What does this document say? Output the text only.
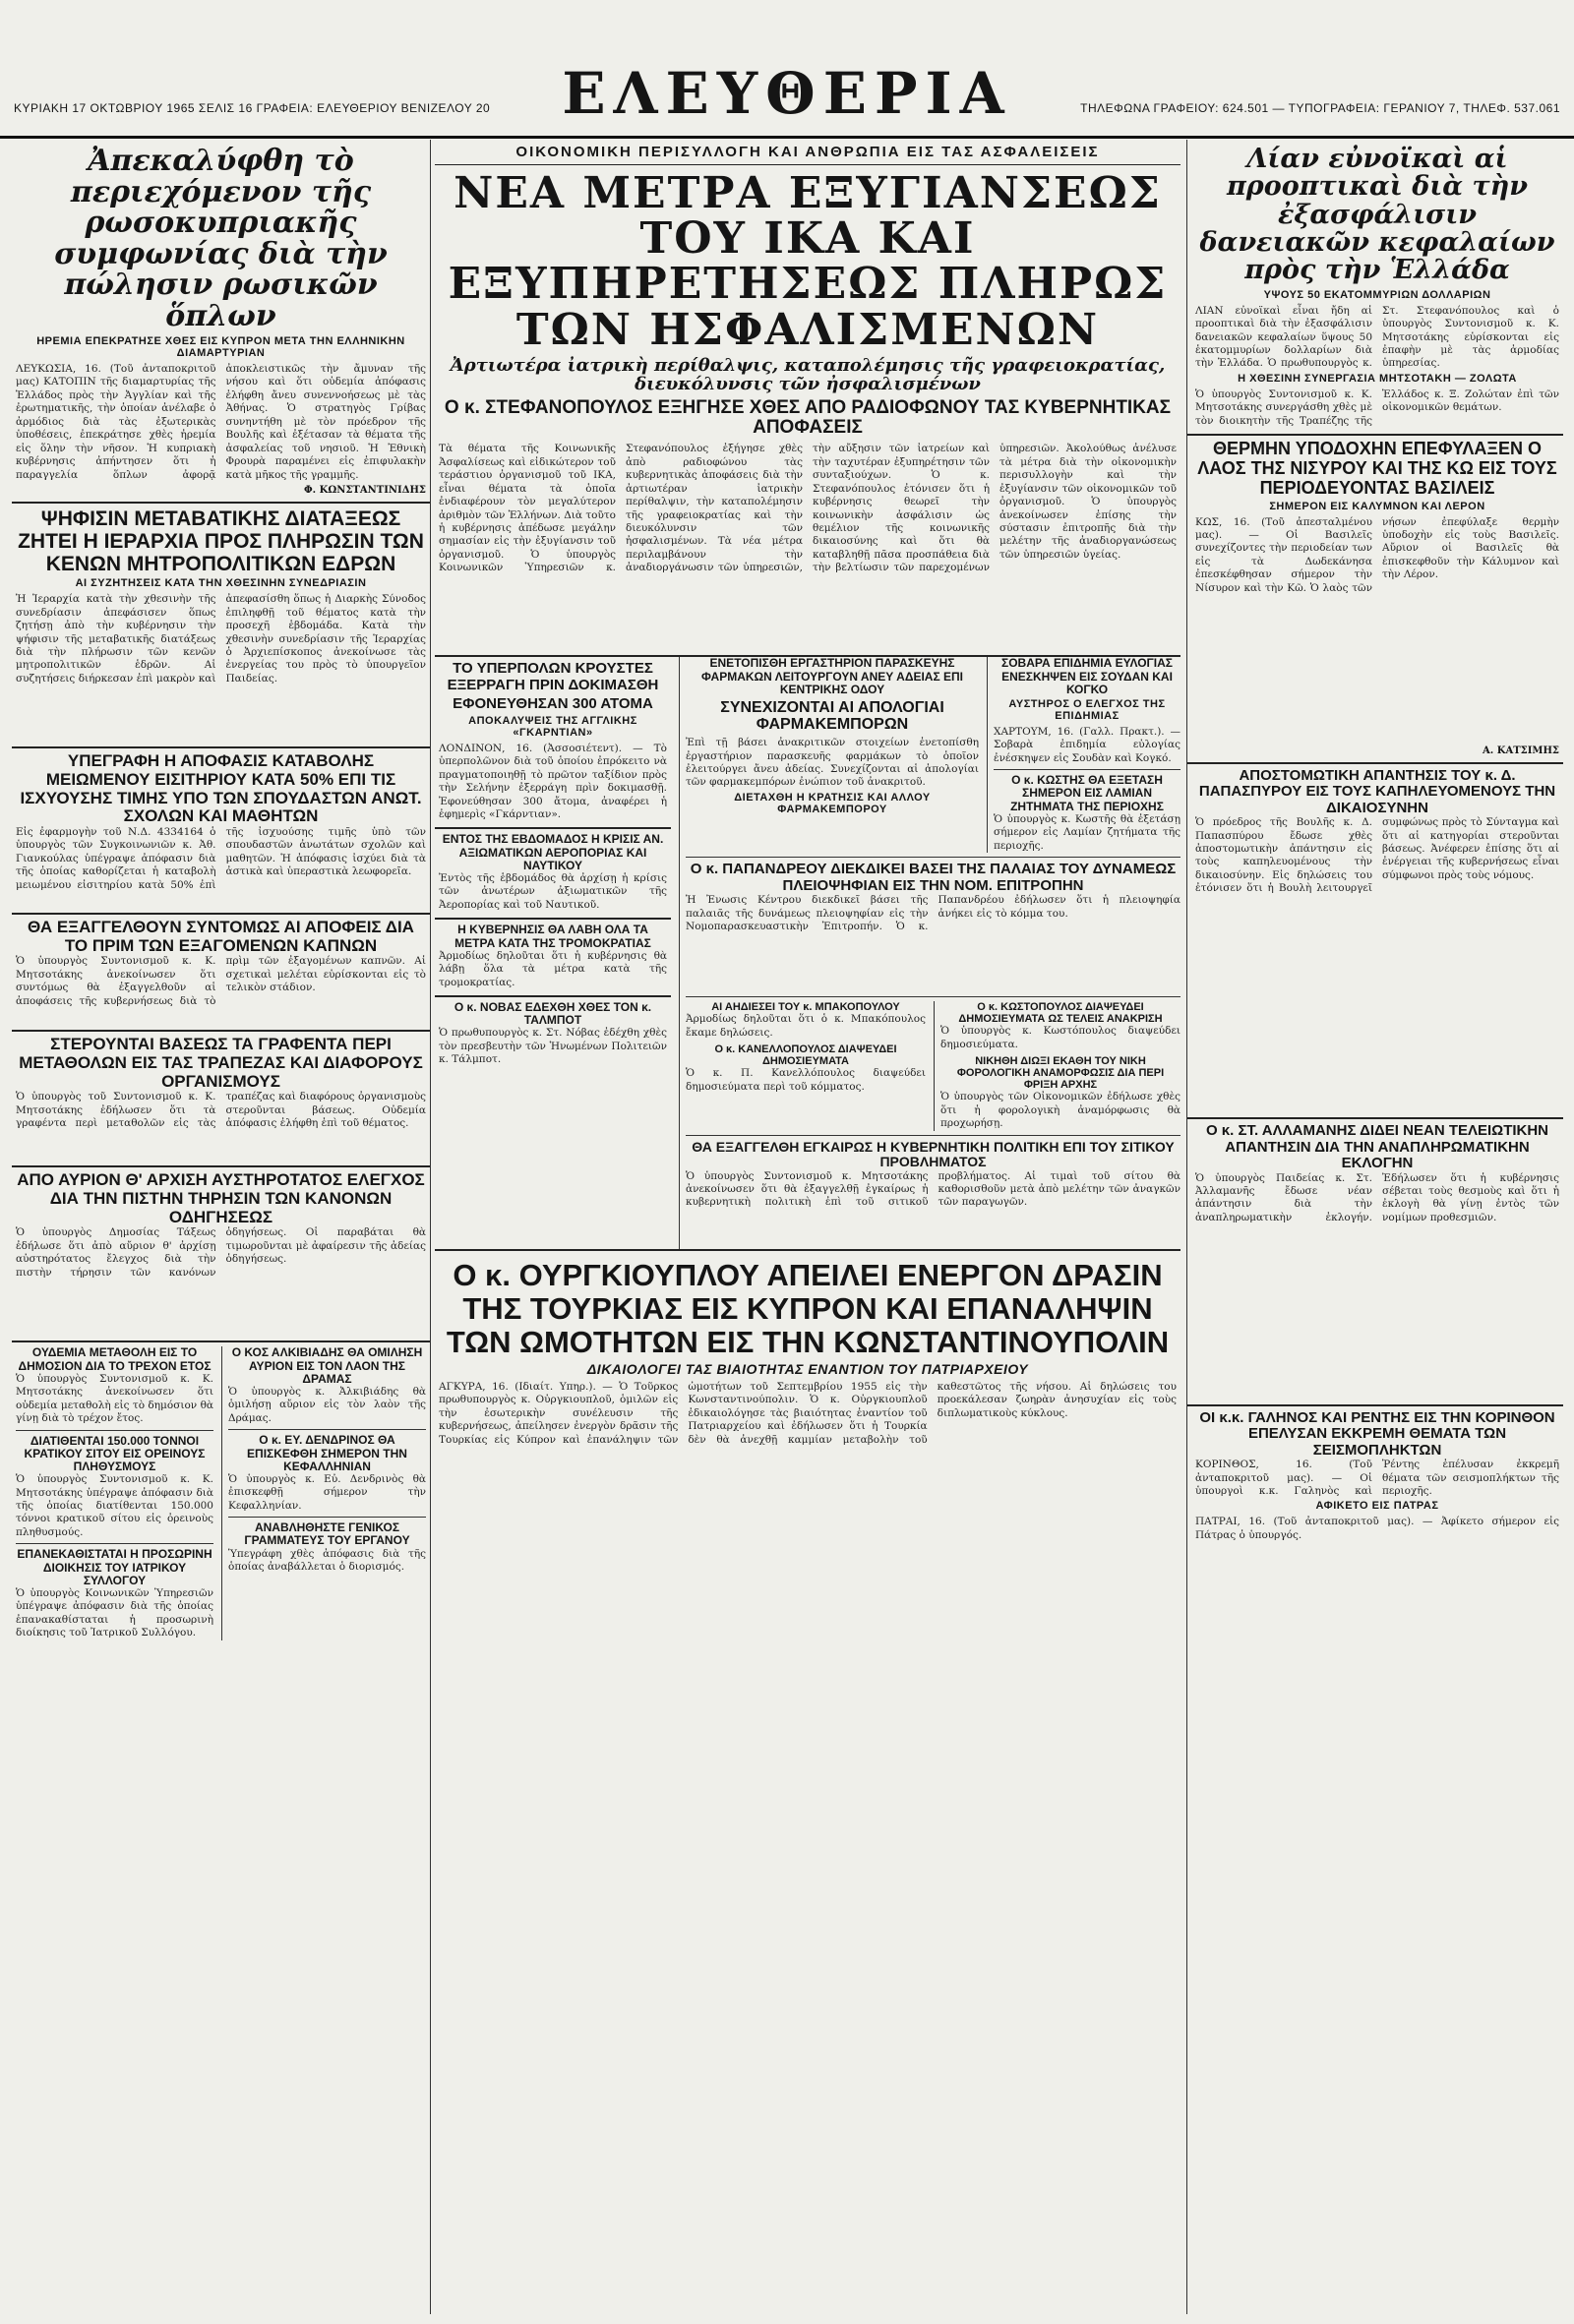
ΚΥΡΙΑΚΗ 17 ΟΚΤΩΒΡΙΟΥ 1965 ΣΕΛΙΣ 16 ΓΡΑΦΕΙΑ: ΕΛΕΥΘΕΡΙΟΥ ΒΕΝΙΖΕΛΟΥ 20	ΕΛΕΥΘΕΡΙΑ	ΤΗΛΕΦΩΝΑ ΓΡΑΦΕΙΟΥ: 624.501 — ΤΥΠΟΓΡΑΦΕΙΑ: ΓΕΡΑΝΙΟΥ 7, ΤΗΛΕΦ. 537.061
Ἀπεκαλύφθη τὸ περιεχόμενον τῆς ρωσοκυπριακῆς συμφωνίας διὰ τὴν πώλησιν ρωσικῶν ὅπλων
ΗΡΕΜΙΑ ΕΠΕΚΡΑΤΗΣΕ ΧΘΕΣ ΕΙΣ ΚΥΠΡΟΝ ΜΕΤΑ ΤΗΝ ΕΛΛΗΝΙΚΗΝ ΔΙΑΜΑΡΤΥΡΙΑΝ
ΛΕΥΚΩΣΙΑ, 16. (Τοῦ ἀνταποκριτοῦ μας) ΚΑΤΟΠΙΝ τῆς διαμαρτυρίας τῆς Ἑλλάδος πρὸς τὴν Ἀγγλίαν καὶ τῆς ἐρωτηματικῆς, τὴν ὁποίαν ἀνέλαβε ὁ ἀρμόδιος διὰ τὰς ἐξωτερικὰς ὑποθέσεις, ἐπεκράτησε χθὲς ἠρεμία εἰς ὅλην τὴν νῆσον. Ἡ κυπριακὴ κυβέρνησις ἀπήντησεν ὅτι ἡ παραγγελία ὅπλων ἀφορᾷ ἀποκλειστικῶς τὴν ἄμυναν τῆς νήσου καὶ ὅτι οὐδεμία ἀπόφασις ἐλήφθη ἄνευ συνεννοήσεως μὲ τὰς Ἀθήνας. Ὁ στρατηγὸς Γρίβας συνηντήθη μὲ τὸν πρόεδρον τῆς Βουλῆς καὶ ἐξέτασαν τὰ θέματα τῆς ἀσφαλείας τοῦ νησιοῦ. Ἡ Ἐθνικὴ Φρουρὰ παραμένει εἰς ἐπιφυλακὴν κατὰ μῆκος τῆς γραμμῆς.
Φ. ΚΩΝΣΤΑΝΤΙΝΙΔΗΣ
ΨΗΦΙΣΙΝ ΜΕΤΑΒΑΤΙΚΗΣ ΔΙΑΤΑΞΕΩΣ ΖΗΤΕΙ Η ΙΕΡΑΡΧΙΑ ΠΡΟΣ ΠΛΗΡΩΣΙΝ ΤΩΝ ΚΕΝΩΝ ΜΗΤΡΟΠΟΛΙΤΙΚΩΝ ΕΔΡΩΝ
ΑΙ ΣΥΖΗΤΗΣΕΙΣ ΚΑΤΑ ΤΗΝ ΧΘΕΣΙΝΗΝ ΣΥΝΕΔΡΙΑΣΙΝ
Ἡ Ἱεραρχία κατὰ τὴν χθεσινὴν τῆς συνεδρίασιν ἀπεφάσισεν ὅπως ζητήσῃ ἀπὸ τὴν κυβέρνησιν τὴν ψήφισιν τῆς μεταβατικῆς διατάξεως διὰ τὴν πλήρωσιν τῶν κενῶν μητροπολιτικῶν ἑδρῶν. Αἱ συζητήσεις διήρκεσαν ἐπὶ μακρὸν καὶ ἀπεφασίσθη ὅπως ἡ Διαρκὴς Σύνοδος ἐπιληφθῇ τοῦ θέματος κατὰ τὴν προσεχῆ ἑβδομάδα. Κατὰ τὴν χθεσινὴν συνεδρίασιν τῆς Ἱεραρχίας ὁ Ἀρχιεπίσκοπος ἀνεκοίνωσε τὰς ἐνεργείας του πρὸς τὸ ὑπουργεῖον Παιδείας.
ΥΠΕΓΡΑΦΗ Η ΑΠΟΦΑΣΙΣ ΚΑΤΑΒΟΛΗΣ ΜΕΙΩΜΕΝΟΥ ΕΙΣΙΤΗΡΙΟΥ ΚΑΤΑ 50% ΕΠΙ ΤΙΣ ΙΣΧΥΟΥΣΗΣ ΤΙΜΗΣ ΥΠΟ ΤΩΝ ΣΠΟΥΔΑΣΤΩΝ ΑΝΩΤ. ΣΧΟΛΩΝ ΚΑΙ ΜΑΘΗΤΩΝ
Εἰς ἐφαρμογὴν τοῦ Ν.Δ. 4334164 ὁ ὑπουργὸς τῶν Συγκοινωνιῶν κ. Ἀθ. Γιανκούλας ὑπέγραψε ἀπόφασιν διὰ τῆς ὁποίας καθορίζεται ἡ καταβολὴ μειωμένου εἰσιτηρίου κατὰ 50% ἐπὶ τῆς ἰσχυούσης τιμῆς ὑπὸ τῶν σπουδαστῶν ἀνωτάτων σχολῶν καὶ μαθητῶν. Ἡ ἀπόφασις ἰσχύει διὰ τὰ ἀστικὰ καὶ ὑπεραστικὰ λεωφορεῖα.
ΘΑ ΕΞΑΓΓΕΛΘΟΥΝ ΣΥΝΤΟΜΩΣ ΑΙ ΑΠΟΦΕΙΣ ΔΙΑ ΤΟ ΠΡΙΜ ΤΩΝ ΕΞΑΓΟΜΕΝΩΝ ΚΑΠΝΩΝ
Ὁ ὑπουργὸς Συντονισμοῦ κ. Κ. Μητσοτάκης ἀνεκοίνωσεν ὅτι συντόμως θὰ ἐξαγγελθοῦν αἱ ἀποφάσεις τῆς κυβερνήσεως διὰ τὸ πρὶμ τῶν ἐξαγομένων καπνῶν. Αἱ σχετικαὶ μελέται εὑρίσκονται εἰς τὸ τελικὸν στάδιον.
ΣΤΕΡΟΥΝΤΑΙ ΒΑΣΕΩΣ ΤΑ ΓΡΑΦΕΝΤΑ ΠΕΡΙ ΜΕΤΑΘΟΛΩΝ ΕΙΣ ΤΑΣ ΤΡΑΠΕΖΑΣ ΚΑΙ ΔΙΑΦΟΡΟΥΣ ΟΡΓΑΝΙΣΜΟΥΣ
Ὁ ὑπουργὸς τοῦ Συντονισμοῦ κ. Κ. Μητσοτάκης ἐδήλωσεν ὅτι τὰ γραφέντα περὶ μεταθολῶν εἰς τὰς τραπέζας καὶ διαφόρους ὀργανισμοὺς στεροῦνται βάσεως. Οὐδεμία ἀπόφασις ἐλήφθη ἐπὶ τοῦ θέματος.
ΑΠΟ ΑΥΡΙΟΝ Θ' ΑΡΧΙΣΗ ΑΥΣΤΗΡΟΤΑΤΟΣ ΕΛΕΓΧΟΣ ΔΙΑ ΤΗΝ ΠΙΣΤΗΝ ΤΗΡΗΣΙΝ ΤΩΝ ΚΑΝΟΝΩΝ ΟΔΗΓΗΣΕΩΣ
Ὁ ὑπουργὸς Δημοσίας Τάξεως ἐδήλωσε ὅτι ἀπὸ αὔριον θ' ἀρχίσῃ αὐστηρότατος ἔλεγχος διὰ τὴν πιστὴν τήρησιν τῶν κανόνων ὁδηγήσεως. Οἱ παραβάται θὰ τιμωροῦνται μὲ ἀφαίρεσιν τῆς ἀδείας ὁδηγήσεως.
ΟΥΔΕΜΙΑ ΜΕΤΑΘΟΛΗ ΕΙΣ ΤΟ ΔΗΜΟΣΙΟΝ ΔΙΑ ΤΟ ΤΡΕΧΟΝ ΕΤΟΣ
Ὁ ὑπουργὸς Συντονισμοῦ κ. Κ. Μητσοτάκης ἀνεκοίνωσεν ὅτι οὐδεμία μεταθολὴ εἰς τὸ δημόσιον θὰ γίνῃ διὰ τὸ τρέχον ἔτος.
ΔΙΑΤΙΘΕΝΤΑΙ 150.000 ΤΟΝΝΟΙ ΚΡΑΤΙΚΟΥ ΣΙΤΟΥ ΕΙΣ ΟΡΕΙΝΟΥΣ ΠΛΗΘΥΣΜΟΥΣ
Ὁ ὑπουργὸς Συντονισμοῦ κ. Κ. Μητσοτάκης ὑπέγραψε ἀπόφασιν διὰ τῆς ὁποίας διατίθενται 150.000 τόννοι κρατικοῦ σίτου εἰς ὀρεινοὺς πληθυσμούς.
ΕΠΑΝΕΚΑΘΙΣΤΑΤΑΙ Η ΠΡΟΣΩΡΙΝΗ ΔΙΟΙΚΗΣΙΣ ΤΟΥ ΙΑΤΡΙΚΟΥ ΣΥΛΛΟΓΟΥ
Ὁ ὑπουργὸς Κοινωνικῶν Ὑπηρεσιῶν ὑπέγραψε ἀπόφασιν διὰ τῆς ὁποίας ἐπανακαθίσταται ἡ προσωρινὴ διοίκησις τοῦ Ἰατρικοῦ Συλλόγου.
Ο ΚΟΣ ΑΛΚΙΒΙΑΔΗΣ ΘΑ ΟΜΙΛΗΣΗ ΑΥΡΙΟΝ ΕΙΣ ΤΟΝ ΛΑΟΝ ΤΗΣ ΔΡΑΜΑΣ
Ὁ ὑπουργὸς κ. Ἀλκιβιάδης θὰ ὁμιλήσῃ αὔριον εἰς τὸν λαὸν τῆς Δράμας.
Ο κ. ΕΥ. ΔΕΝΔΡΙΝΟΣ ΘΑ ΕΠΙΣΚΕΦΘΗ ΣΗΜΕΡΟΝ ΤΗΝ ΚΕΦΑΛΛΗΝΙΑΝ
Ὁ ὑπουργὸς κ. Εὐ. Δενδρινὸς θὰ ἐπισκεφθῇ σήμερον τὴν Κεφαλληνίαν.
ΑΝΑΒΛΗΘΗΣΤΕ ΓΕΝΙΚΟΣ ΓΡΑΜΜΑΤΕΥΣ ΤΟΥ ΕΡΓΑΝΟΥ
Ὑπεγράφη χθὲς ἀπόφασις διὰ τῆς ὁποίας ἀναβάλλεται ὁ διορισμός.
ΟΙΚΟΝΟΜΙΚΗ ΠΕΡΙΣΥΛΛΟΓΗ ΚΑΙ ΑΝΘΡΩΠΙΑ ΕΙΣ ΤΑΣ ΑΣΦΑΛΕΙΣΕΙΣ
ΝΕΑ ΜΕΤΡΑ ΕΞΥΓΙΑΝΣΕΩΣ ΤΟΥ ΙΚΑ ΚΑΙ ΕΞΥΠΗΡΕΤΗΣΕΩΣ ΠΛΗΡΩΣ ΤΩΝ ΗΣΦΑΛΙΣΜΕΝΩΝ
Ἀρτιωτέρα ἰατρικὴ περίθαλψις, καταπολέμησις τῆς γραφειοκρατίας, διευκόλυνσις τῶν ἠσφαλισμένων
Ο κ. ΣΤΕΦΑΝΟΠΟΥΛΟΣ ΕΞΗΓΗΣΕ ΧΘΕΣ ΑΠΟ ΡΑΔΙΟΦΩΝΟΥ ΤΑΣ ΚΥΒΕΡΝΗΤΙΚΑΣ ΑΠΟΦΑΣΕΙΣ
Τὰ θέματα τῆς Κοινωνικῆς Ἀσφαλίσεως καὶ εἰδικώτερον τοῦ τεράστιου ὀργανισμοῦ τοῦ ΙΚΑ, εἶναι θέματα τὰ ὁποῖα ἐνδιαφέρουν τὸν μεγαλύτερον ἀριθμὸν τῶν Ἑλλήνων. Διὰ τοῦτο ἡ κυβέρνησις ἀπέδωσε μεγάλην σημασίαν εἰς τὴν ἐξυγίανσιν τοῦ ὀργανισμοῦ. Ὁ ὑπουργὸς Κοινωνικῶν Ὑπηρεσιῶν κ. Στεφανόπουλος ἐξήγησε χθὲς ἀπὸ ραδιοφώνου τὰς κυβερνητικὰς ἀποφάσεις διὰ τὴν ἀρτιωτέραν ἰατρικὴν περίθαλψιν, τὴν καταπολέμησιν τῆς γραφειοκρατίας καὶ τὴν διευκόλυνσιν τῶν ἠσφαλισμένων. Τὰ νέα μέτρα περιλαμβάνουν τὴν ἀναδιοργάνωσιν τῶν ὑπηρεσιῶν, τὴν αὔξησιν τῶν ἰατρείων καὶ τὴν ταχυτέραν ἐξυπηρέτησιν τῶν συνταξιούχων. Ὁ κ. Στεφανόπουλος ἐτόνισεν ὅτι ἡ κυβέρνησις θεωρεῖ τὴν κοινωνικὴν ἀσφάλισιν ὡς θεμέλιον τῆς κοινωνικῆς δικαιοσύνης καὶ ὅτι θὰ καταβληθῇ πᾶσα προσπάθεια διὰ τὴν βελτίωσιν τῶν παρεχομένων ὑπηρεσιῶν. Ἀκολούθως ἀνέλυσε τὰ μέτρα διὰ τὴν οἰκονομικὴν περισυλλογὴν καὶ τὴν ἐξυγίανσιν τῶν οἰκονομικῶν τοῦ ὀργανισμοῦ. Ὁ ὑπουργὸς ἀνεκοίνωσεν ἐπίσης τὴν σύστασιν ἐπιτροπῆς διὰ τὴν μελέτην τῆς ἀναδιοργανώσεως τῶν ὑπηρεσιῶν ὑγείας.
ΤΟ ΥΠΕΡΠΟΛΩΝ ΚΡΟΥΣΤΕΣ ΕΞΕΡΡΑΓΗ ΠΡΙΝ ΔΟΚΙΜΑΣΘΗ
ΕΦΟΝΕΥΘΗΣΑΝ 300 ΑΤΟΜΑ
ΑΠΟΚΑΛΥΨΕΙΣ ΤΗΣ ΑΓΓΛΙΚΗΣ «ΓΚΑΡΝΤΙΑΝ»
ΛΟΝΔΙΝΟΝ, 16. (Ἀσσοσιέτεντ). — Τὸ ὑπερπολῶνον διὰ τοῦ ὁποίου ἐπρόκειτο νὰ πραγματοποιηθῇ τὸ πρῶτον ταξίδιον πρὸς τὴν Σελήνην ἐξερράγη πρὶν δοκιμασθῇ. Ἐφονεύθησαν 300 ἄτομα, ἀναφέρει ἡ ἐφημερὶς «Γκάρντιαν».
ΕΝΤΟΣ ΤΗΣ ΕΒΔΟΜΑΔΟΣ Η ΚΡΙΣΙΣ ΑΝ. ΑΞΙΩΜΑΤΙΚΩΝ ΑΕΡΟΠΟΡΙΑΣ ΚΑΙ ΝΑΥΤΙΚΟΥ
Ἐντὸς τῆς ἑβδομάδος θὰ ἀρχίσῃ ἡ κρίσις τῶν ἀνωτέρων ἀξιωματικῶν τῆς Ἀεροπορίας καὶ τοῦ Ναυτικοῦ.
Η ΚΥΒΕΡΝΗΣΙΣ ΘΑ ΛΑΒΗ ΟΛΑ ΤΑ ΜΕΤΡΑ ΚΑΤΑ ΤΗΣ ΤΡΟΜΟΚΡΑΤΙΑΣ
Ἀρμοδίως δηλοῦται ὅτι ἡ κυβέρνησις θὰ λάβῃ ὅλα τὰ μέτρα κατὰ τῆς τρομοκρατίας.
Ο κ. ΝΟΒΑΣ ΕΔΕΧΘΗ ΧΘΕΣ ΤΟΝ κ. ΤΑΛΜΠΟΤ
Ὁ πρωθυπουργὸς κ. Στ. Νόβας ἐδέχθη χθὲς τὸν πρεσβευτὴν τῶν Ἡνωμένων Πολιτειῶν κ. Τάλμποτ.
ΕΝΕΤΟΠΙΣΘΗ ΕΡΓΑΣΤΗΡΙΟΝ ΠΑΡΑΣΚΕΥΗΣ ΦΑΡΜΑΚΩΝ ΛΕΙΤΟΥΡΓΟΥΝ ΑΝΕΥ ΑΔΕΙΑΣ ΕΠΙ ΚΕΝΤΡΙΚΗΣ ΟΔΟΥ
ΣΥΝΕΧΙΖΟΝΤΑΙ ΑΙ ΑΠΟΛΟΓΙΑΙ ΦΑΡΜΑΚΕΜΠΟΡΩΝ
Ἐπὶ τῇ βάσει ἀνακριτικῶν στοιχείων ἐνετοπίσθη ἐργαστήριον παρασκευῆς φαρμάκων τὸ ὁποῖον ἐλειτούργει ἄνευ ἀδείας. Συνεχίζονται αἱ ἀπολογίαι τῶν φαρμακεμπόρων ἐνώπιον τοῦ ἀνακριτοῦ.
ΔΙΕΤΑΧΘΗ Η ΚΡΑΤΗΣΙΣ ΚΑΙ ΑΛΛΟΥ ΦΑΡΜΑΚΕΜΠΟΡΟΥ
ΣΟΒΑΡΑ ΕΠΙΔΗΜΙΑ ΕΥΛΟΓΙΑΣ ΕΝΕΣΚΗΨΕΝ ΕΙΣ ΣΟΥΔΑΝ ΚΑΙ ΚΟΓΚΟ
ΑΥΣΤΗΡΟΣ Ο ΕΛΕΓΧΟΣ ΤΗΣ ΕΠΙΔΗΜΙΑΣ
ΧΑΡΤΟΥΜ, 16. (Γαλλ. Πρακτ.). — Σοβαρὰ ἐπιδημία εὐλογίας ἐνέσκηψεν εἰς Σουδὰν καὶ Κογκό.
Ο κ. ΚΩΣΤΗΣ ΘΑ ΕΞΕΤΑΣΗ ΣΗΜΕΡΟΝ ΕΙΣ ΛΑΜΙΑΝ ΖΗΤΗΜΑΤΑ ΤΗΣ ΠΕΡΙΟΧΗΣ
Ὁ ὑπουργὸς κ. Κωστῆς θὰ ἐξετάσῃ σήμερον εἰς Λαμίαν ζητήματα τῆς περιοχῆς.
Ο κ. ΠΑΠΑΝΔΡΕΟΥ ΔΙΕΚΔΙΚΕΙ ΒΑΣΕΙ ΤΗΣ ΠΑΛΑΙΑΣ ΤΟΥ ΔΥΝΑΜΕΩΣ ΠΛΕΙΟΨΗΦΙΑΝ ΕΙΣ ΤΗΝ ΝΟΜ. ΕΠΙΤΡΟΠΗΝ
Ἡ Ἐνωσις Κέντρου διεκδικεῖ βάσει τῆς παλαιᾶς τῆς δυνάμεως πλειοψηφίαν εἰς τὴν Νομοπαρασκευαστικὴν Ἐπιτροπήν. Ὁ κ. Παπανδρέου ἐδήλωσεν ὅτι ἡ πλειοψηφία ἀνήκει εἰς τὸ κόμμα του.
ΑΙ ΑΗΔΙΕΣΕΙ ΤΟΥ κ. ΜΠΑΚΟΠΟΥΛΟΥ
Ἀρμοδίως δηλοῦται ὅτι ὁ κ. Μπακόπουλος ἔκαμε δηλώσεις.
Ο κ. ΚΑΝΕΛΛΟΠΟΥΛΟΣ ΔΙΑΨΕΥΔΕΙ ΔΗΜΟΣΙΕΥΜΑΤΑ
Ὁ κ. Π. Κανελλόπουλος διαψεύδει δημοσιεύματα περὶ τοῦ κόμματος.
Ο κ. ΚΩΣΤΟΠΟΥΛΟΣ ΔΙΑΨΕΥΔΕΙ ΔΗΜΟΣΙΕΥΜΑΤΑ ΩΣ ΤΕΛΕΙΣ ΑΝΑΚΡΙΣΗ
Ὁ ὑπουργὸς κ. Κωστόπουλος διαψεύδει δημοσιεύματα.
ΝΙΚΗΘΗ ΔΙΩΞΙ ΕΚΑΘΗ ΤΟΥ ΝΙΚΗ ΦΟΡΟΛΟΓΙΚΗ ΑΝΑΜΟΡΦΩΣΙΣ ΔΙΑ ΠΕΡΙ ΦΡΙΞΗ ΑΡΧΗΣ
Ὁ ὑπουργὸς τῶν Οἰκονομικῶν ἐδήλωσε χθὲς ὅτι ἡ φορολογικὴ ἀναμόρφωσις θὰ προχωρήσῃ.
ΘΑ ΕΞΑΓΓΕΛΘΗ ΕΓΚΑΙΡΩΣ Η ΚΥΒΕΡΝΗΤΙΚΗ ΠΟΛΙΤΙΚΗ ΕΠΙ ΤΟΥ ΣΙΤΙΚΟΥ ΠΡΟΒΛΗΜΑΤΟΣ
Ὁ ὑπουργὸς Συντονισμοῦ κ. Μητσοτάκης ἀνεκοίνωσεν ὅτι θὰ ἐξαγγελθῇ ἐγκαίρως ἡ κυβερνητικὴ πολιτικὴ ἐπὶ τοῦ σιτικοῦ προβλήματος. Αἱ τιμαὶ τοῦ σίτου θὰ καθορισθοῦν μετὰ ἀπὸ μελέτην τῶν ἀναγκῶν τῶν παραγωγῶν.
Ο κ. ΟΥΡΓΚΙΟΥΠΛΟΥ ΑΠΕΙΛΕΙ ΕΝΕΡΓΟΝ ΔΡΑΣΙΝ ΤΗΣ ΤΟΥΡΚΙΑΣ ΕΙΣ ΚΥΠΡΟΝ ΚΑΙ ΕΠΑΝΑΛΗΨΙΝ ΤΩΝ ΩΜΟΤΗΤΩΝ ΕΙΣ ΤΗΝ ΚΩΝΣΤΑΝΤΙΝΟΥΠΟΛΙΝ
ΔΙΚΑΙΟΛΟΓΕΙ ΤΑΣ ΒΙΑΙΟΤΗΤΑΣ ΕΝΑΝΤΙΟΝ ΤΟΥ ΠΑΤΡΙΑΡΧΕΙΟΥ
ΑΓΚΥΡΑ, 16. (Ιδιαίτ. Υπηρ.). — Ὁ Τοῦρκος πρωθυπουργὸς κ. Οὐργκιουπλοῦ, ὁμιλῶν εἰς τὴν ἐσωτερικὴν συνέλευσιν τῆς κυβερνήσεως, ἀπείλησεν ἐνεργὸν δρᾶσιν τῆς Τουρκίας εἰς Κύπρον καὶ ἐπανάληψιν τῶν ὠμοτήτων τοῦ Σεπτεμβρίου 1955 εἰς τὴν Κωνσταντινούπολιν. Ὁ κ. Οὐργκιουπλοῦ ἐδικαιολόγησε τὰς βιαιότητας ἐναντίον τοῦ Πατριαρχείου καὶ ἐδήλωσεν ὅτι ἡ Τουρκία δὲν θὰ ἀνεχθῇ καμμίαν μεταβολὴν τοῦ καθεστῶτος τῆς νήσου. Αἱ δηλώσεις του προεκάλεσαν ζωηρὰν ἀνησυχίαν εἰς τοὺς διπλωματικοὺς κύκλους.
Λίαν εὐνοϊκαὶ αἱ προοπτικαὶ διὰ τὴν ἐξασφάλισιν δανειακῶν κεφαλαίων πρὸς τὴν Ἑλλάδα
ΥΨΟΥΣ 50 ΕΚΑΤΟΜΜΥΡΙΩΝ ΔΟΛΛΑΡΙΩΝ
ΛΙΑΝ εὐνοϊκαὶ εἶναι ἤδη αἱ προοπτικαὶ διὰ τὴν ἐξασφάλισιν δανειακῶν κεφαλαίων ὕψους 50 ἑκατομμυρίων δολλαρίων διὰ τὴν Ἑλλάδα. Ὁ πρωθυπουργὸς κ. Στ. Στεφανόπουλος καὶ ὁ ὑπουργὸς Συντονισμοῦ κ. Κ. Μητσοτάκης εὑρίσκονται εἰς ἐπαφὴν μὲ τὰς ἀρμοδίας ὑπηρεσίας.
Η ΧΘΕΣΙΝΗ ΣΥΝΕΡΓΑΣΙΑ ΜΗΤΣΟΤΑΚΗ — ΖΟΛΩΤΑ
Ὁ ὑπουργὸς Συντονισμοῦ κ. Κ. Μητσοτάκης συνεργάσθη χθὲς μὲ τὸν διοικητὴν τῆς Τραπέζης τῆς Ἑλλάδος κ. Ξ. Ζολώταν ἐπὶ τῶν οἰκονομικῶν θεμάτων.
ΘΕΡΜΗΝ ΥΠΟΔΟΧΗΝ ΕΠΕΦΥΛΑΞΕΝ Ο ΛΑΟΣ ΤΗΣ ΝΙΣΥΡΟΥ ΚΑΙ ΤΗΣ ΚΩ ΕΙΣ ΤΟΥΣ ΠΕΡΙΟΔΕΥΟΝΤΑΣ ΒΑΣΙΛΕΙΣ
ΣΗΜΕΡΟΝ ΕΙΣ ΚΑΛΥΜΝΟΝ ΚΑΙ ΛΕΡΟΝ
ΚΩΣ, 16. (Τοῦ ἀπεσταλμένου μας). — Οἱ Βασιλεῖς συνεχίζοντες τὴν περιοδείαν των εἰς τὰ Δωδεκάνησα ἐπεσκέφθησαν σήμερον τὴν Νίσυρον καὶ τὴν Κῶ. Ὁ λαὸς τῶν νήσων ἐπεφύλαξε θερμὴν ὑποδοχὴν εἰς τοὺς Βασιλεῖς. Αὔριον οἱ Βασιλεῖς θὰ ἐπισκεφθοῦν τὴν Κάλυμνον καὶ τὴν Λέρον.
Α. ΚΑΤΣΙΜΗΣ
ΑΠΟΣΤΟΜΩΤΙΚΗ ΑΠΑΝΤΗΣΙΣ ΤΟΥ κ. Δ. ΠΑΠΑΣΠΥΡΟΥ ΕΙΣ ΤΟΥΣ ΚΑΠΗΛΕΥΟΜΕΝΟΥΣ ΤΗΝ ΔΙΚΑΙΟΣΥΝΗΝ
Ὁ πρόεδρος τῆς Βουλῆς κ. Δ. Παπασπύρου ἔδωσε χθὲς ἀποστομωτικὴν ἀπάντησιν εἰς τοὺς καπηλευομένους τὴν δικαιοσύνην. Εἰς δηλώσεις του ἐτόνισεν ὅτι ἡ Βουλὴ λειτουργεῖ συμφώνως πρὸς τὸ Σύνταγμα καὶ ὅτι αἱ κατηγορίαι στεροῦνται βάσεως. Ἀνέφερεν ἐπίσης ὅτι αἱ ἐνέργειαι τῆς κυβερνήσεως εἶναι σύμφωνοι πρὸς τοὺς νόμους.
Ο κ. ΣΤ. ΑΛΛΑΜΑΝΗΣ ΔΙΔΕΙ ΝΕΑΝ ΤΕΛΕΙΩΤΙΚΗΝ ΑΠΑΝΤΗΣΙΝ ΔΙΑ ΤΗΝ ΑΝΑΠΛΗΡΩΜΑΤΙΚΗΝ ΕΚΛΟΓΗΝ
Ὁ ὑπουργὸς Παιδείας κ. Στ. Ἀλλαμανῆς ἔδωσε νέαν ἀπάντησιν διὰ τὴν ἀναπληρωματικὴν ἐκλογήν. Ἐδήλωσεν ὅτι ἡ κυβέρνησις σέβεται τοὺς θεσμοὺς καὶ ὅτι ἡ ἐκλογὴ θὰ γίνῃ ἐντὸς τῶν νομίμων προθεσμιῶν.
ΟΙ κ.κ. ΓΑΛΗΝΟΣ ΚΑΙ ΡΕΝΤΗΣ ΕΙΣ ΤΗΝ ΚΟΡΙΝΘΟΝ ΕΠΕΛΥΣΑΝ ΕΚΚΡΕΜΗ ΘΕΜΑΤΑ ΤΩΝ ΣΕΙΣΜΟΠΛΗΚΤΩΝ
ΚΟΡΙΝΘΟΣ, 16. (Τοῦ ἀνταποκριτοῦ μας). — Οἱ ὑπουργοὶ κ.κ. Γαληνὸς καὶ Ῥέντης ἐπέλυσαν ἐκκρεμῆ θέματα τῶν σεισμοπλήκτων τῆς περιοχῆς.
ΑΦΙΚΕΤΟ ΕΙΣ ΠΑΤΡΑΣ
ΠΑΤΡΑΙ, 16. (Τοῦ ἀνταποκριτοῦ μας). — Ἀφίκετο σήμερον εἰς Πάτρας ὁ ὑπουργός.
